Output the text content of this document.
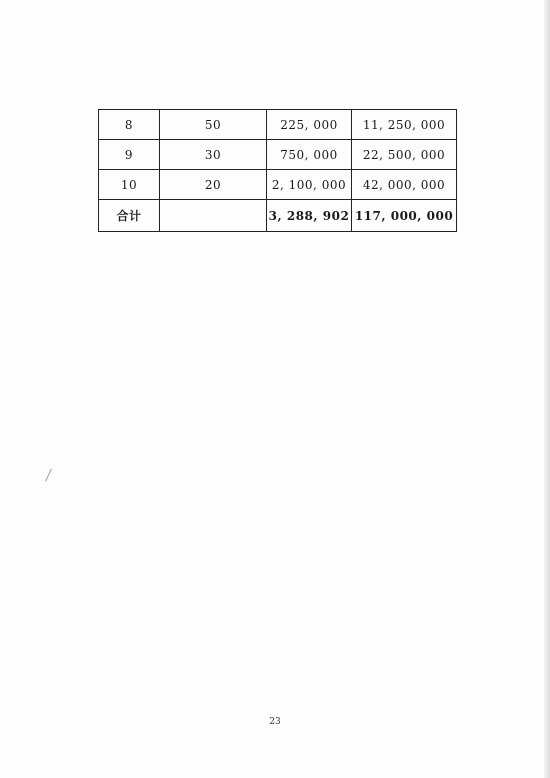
8	50	225, 000	11, 250, 000
9	30	750, 000	22, 500, 000
10	20	2, 100, 000	42, 000, 000
合计		3, 288, 902	117, 000, 000
23
